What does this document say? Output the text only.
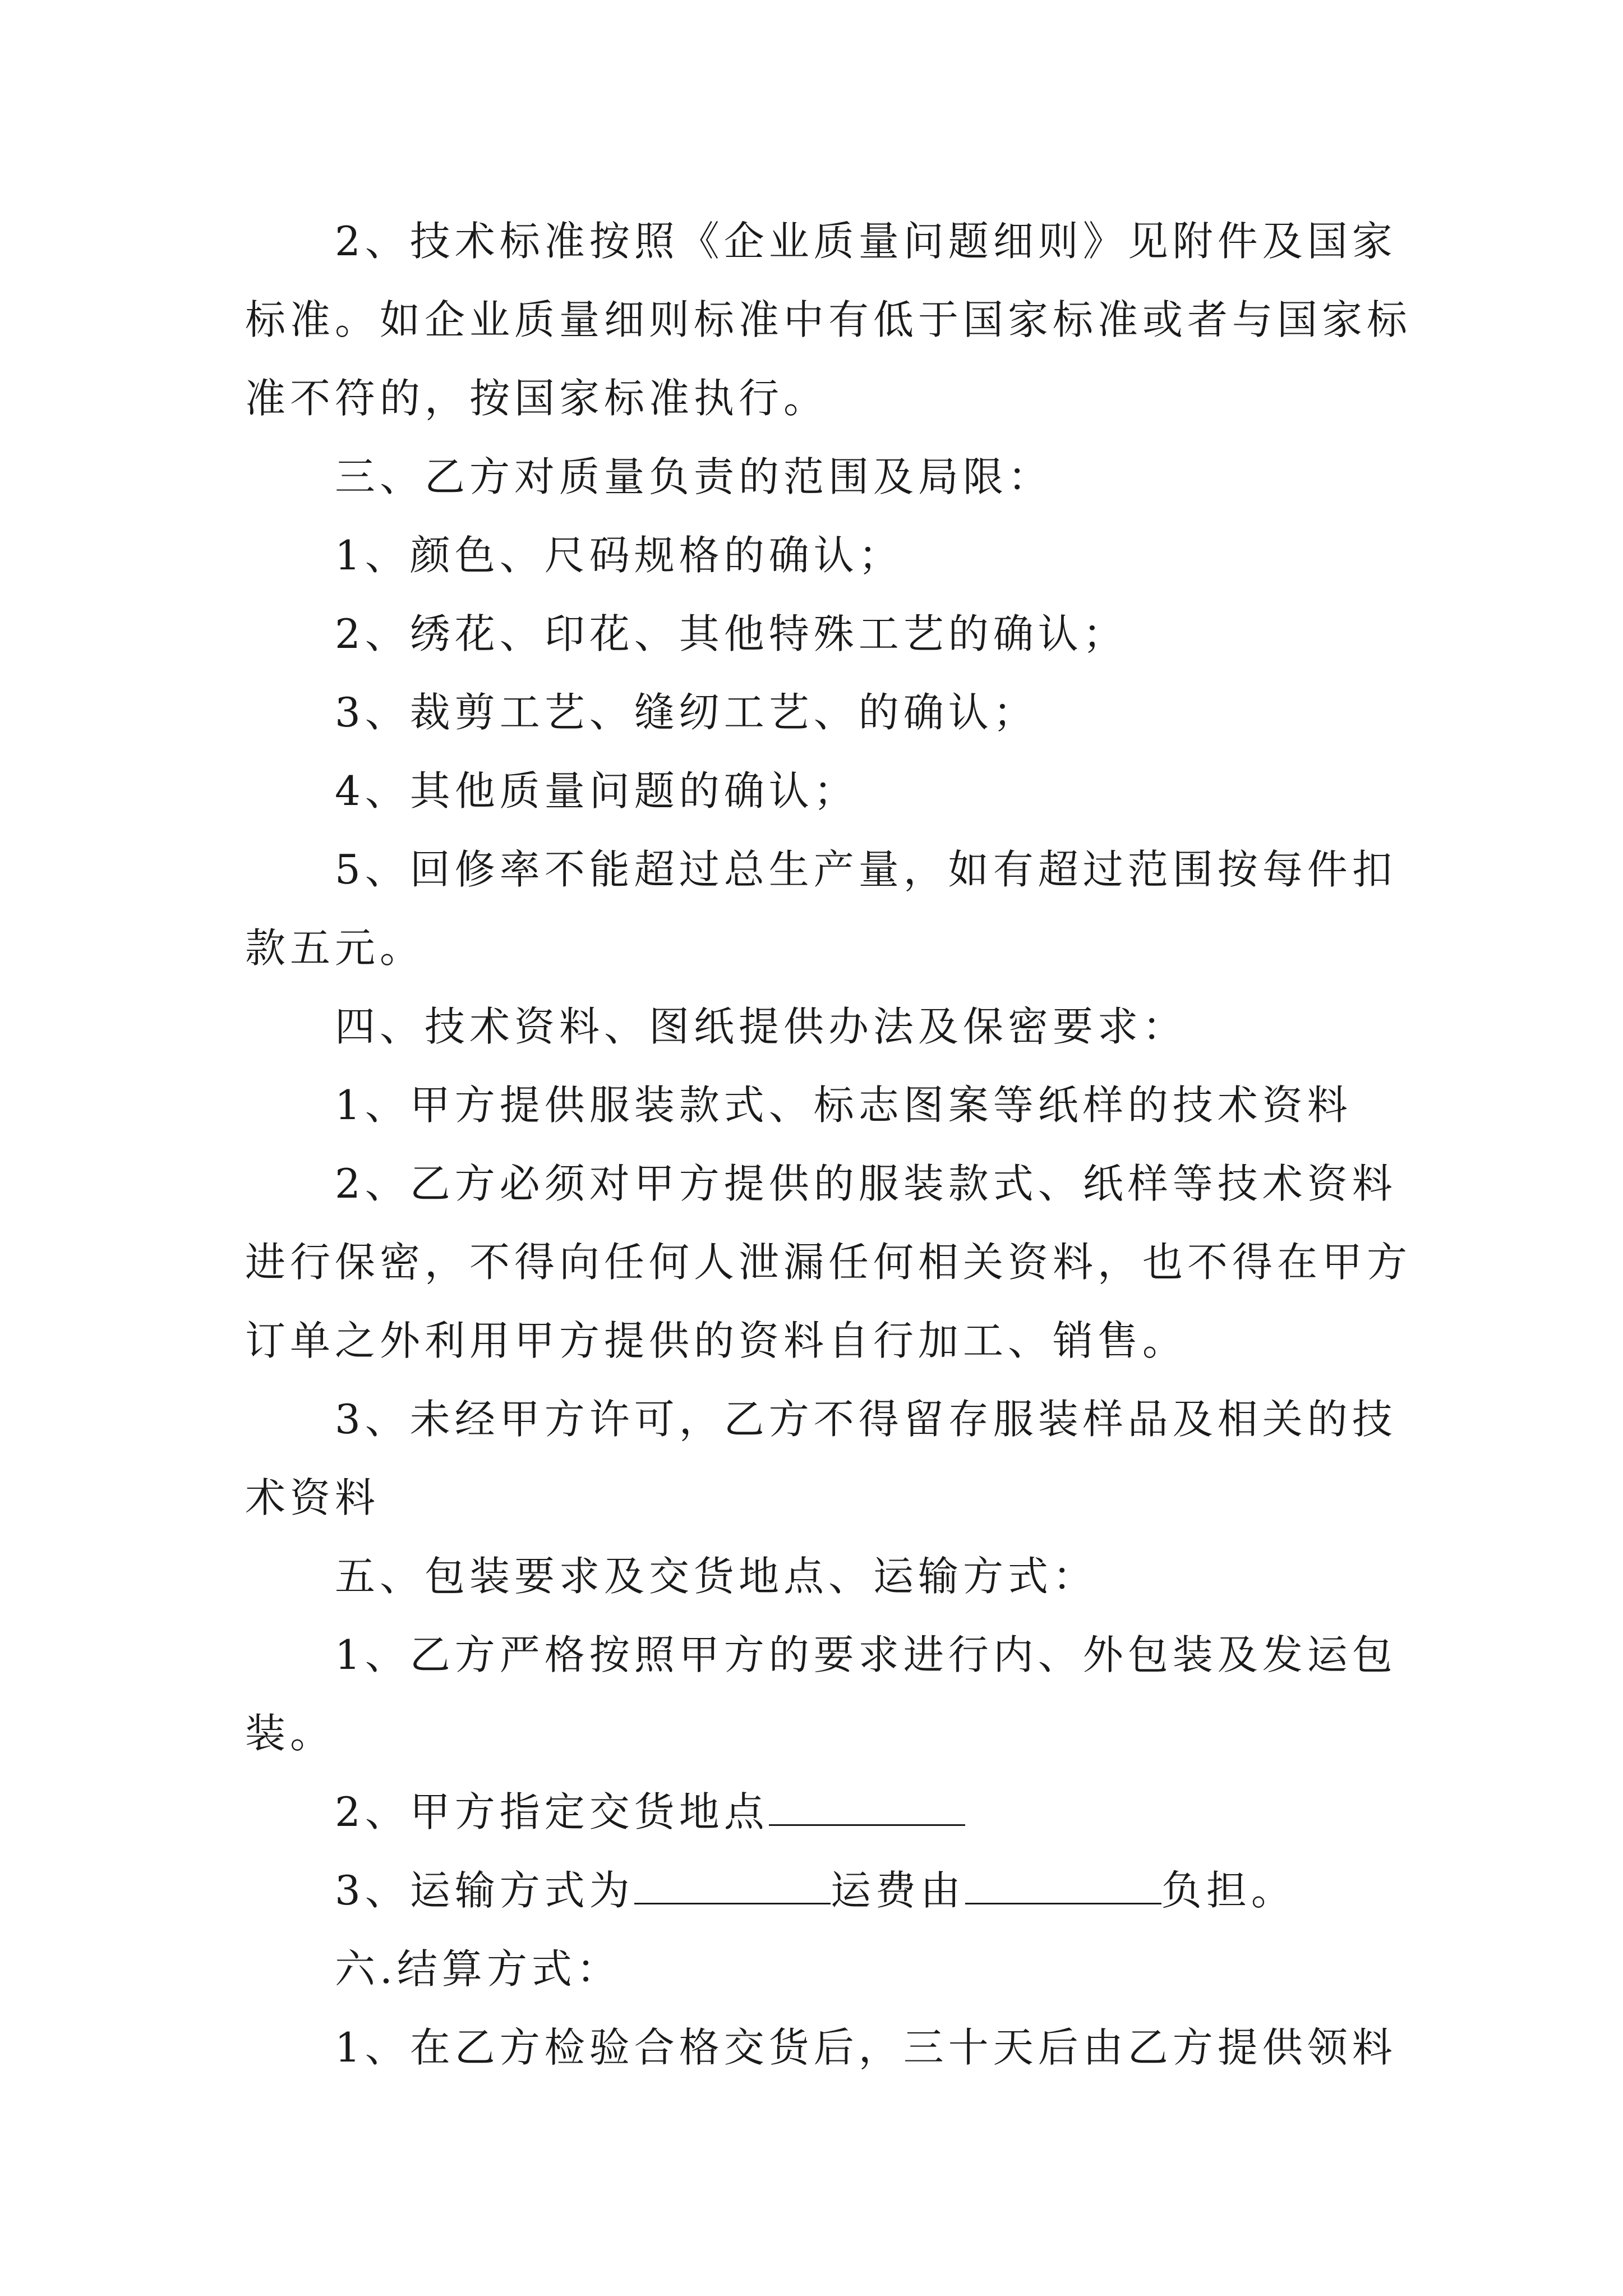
2、技术标准按照《企业质量问题细则》见附件及国家
标准。如企业质量细则标准中有低于国家标准或者与国家标
准不符的，按国家标准执行。
三、乙方对质量负责的范围及局限：
1、颜色、尺码规格的确认；
2、绣花、印花、其他特殊工艺的确认；
3、裁剪工艺、缝纫工艺、的确认；
4、其他质量问题的确认；
5、回修率不能超过总生产量，如有超过范围按每件扣
款五元。
四、技术资料、图纸提供办法及保密要求：
1、甲方提供服装款式、标志图案等纸样的技术资料
2、乙方必须对甲方提供的服装款式、纸样等技术资料
进行保密，不得向任何人泄漏任何相关资料，也不得在甲方
订单之外利用甲方提供的资料自行加工、销售。
3、未经甲方许可，乙方不得留存服装样品及相关的技
术资料
五、包装要求及交货地点、运输方式：
1、乙方严格按照甲方的要求进行内、外包装及发运包
装。
2、甲方指定交货地点
3、运输方式为	运费由	负担。
六.结算方式：
1、在乙方检验合格交货后，三十天后由乙方提供领料
